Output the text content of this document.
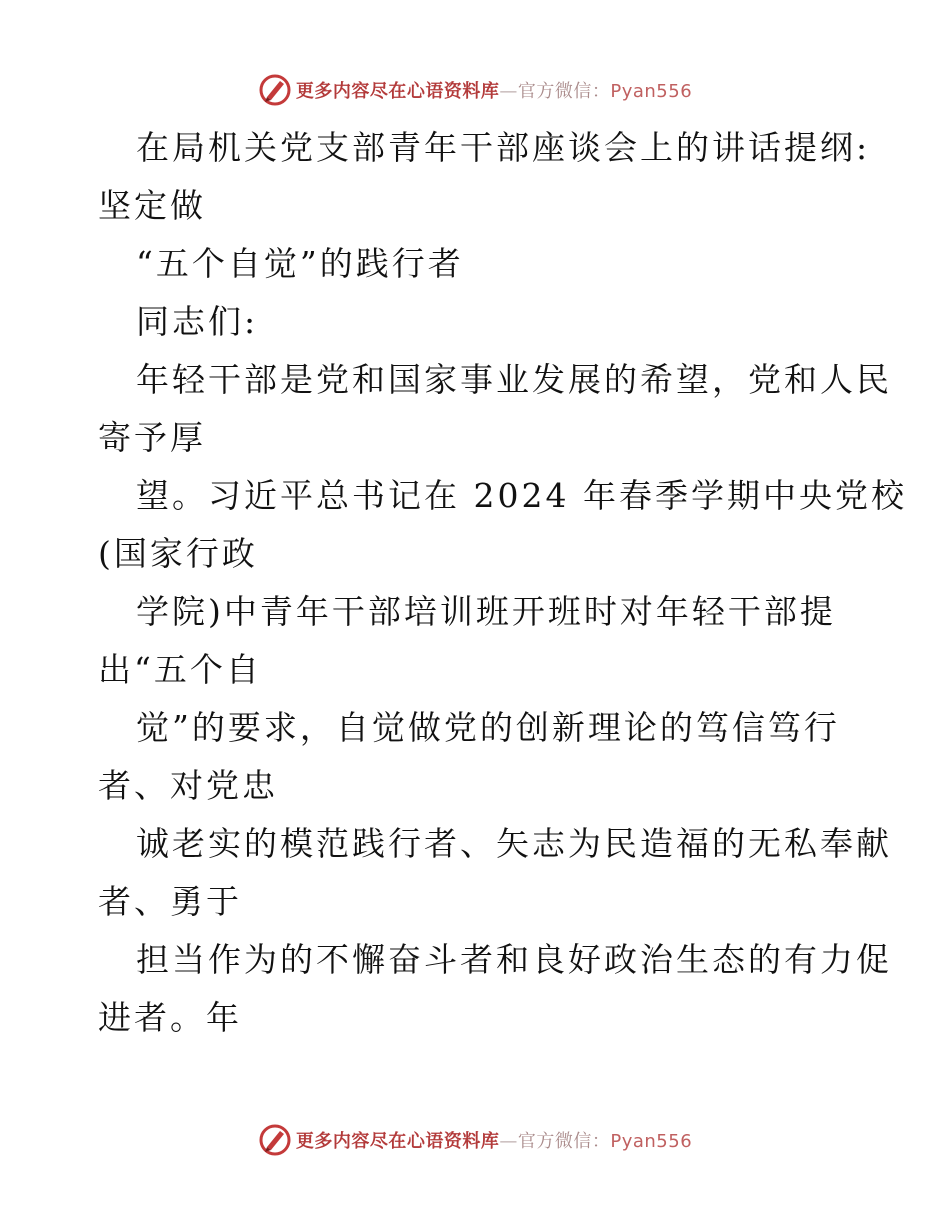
更多内容尽在心语资料库—官方微信：Pyan556
在局机关党支部青年干部座谈会上的讲话提纲:
坚定做
“五个自觉”的践行者
同志们:
年轻干部是党和国家事业发展的希望，党和人民
寄予厚
望。习近平总书记在 2024 年春季学期中央党校
(国家行政
学院)中青年干部培训班开班时对年轻干部提
出“五个自
觉”的要求，自觉做党的创新理论的笃信笃行
者、对党忠
诚老实的模范践行者、矢志为民造福的无私奉献
者、勇于
担当作为的不懈奋斗者和良好政治生态的有力促
进者。年
更多内容尽在心语资料库—官方微信：Pyan556
